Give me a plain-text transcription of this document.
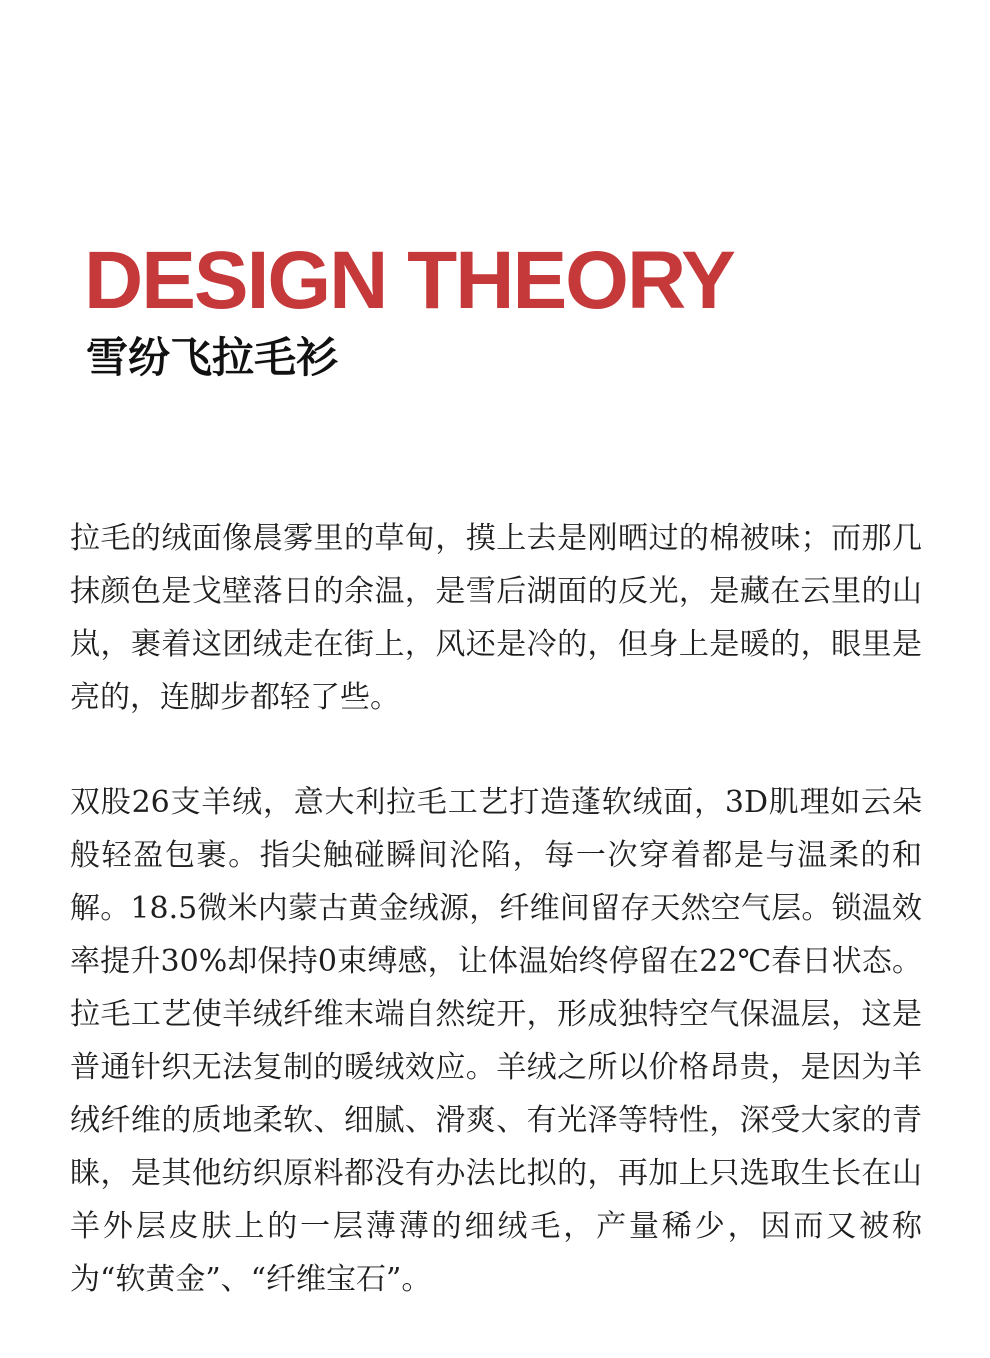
DESIGN THEORY
雪纷飞拉毛衫

拉毛的绒面像晨雾里的草甸，摸上去是刚晒过的棉被味；而那几抹颜色是戈壁落日的余温，是雪后湖面的反光，是藏在云里的山岚，裹着这团绒走在街上，风还是冷的，但身上是暖的，眼里是亮的，连脚步都轻了些。

双股26支羊绒，意大利拉毛工艺打造蓬软绒面，3D肌理如云朵般轻盈包裹。指尖触碰瞬间沦陷，每一次穿着都是与温柔的和解。18.5微米内蒙古黄金绒源，纤维间留存天然空气层。锁温效率提升30%却保持0束缚感，让体温始终停留在22℃春日状态。拉毛工艺使羊绒纤维末端自然绽开，形成独特空气保温层，这是普通针织无法复制的暖绒效应。羊绒之所以价格昂贵，是因为羊绒纤维的质地柔软、细腻、滑爽、有光泽等特性，深受大家的青睐，是其他纺织原料都没有办法比拟的，再加上只选取生长在山羊外层皮肤上的一层薄薄的细绒毛，产量稀少，因而又被称为“软黄金”、“纤维宝石”。
